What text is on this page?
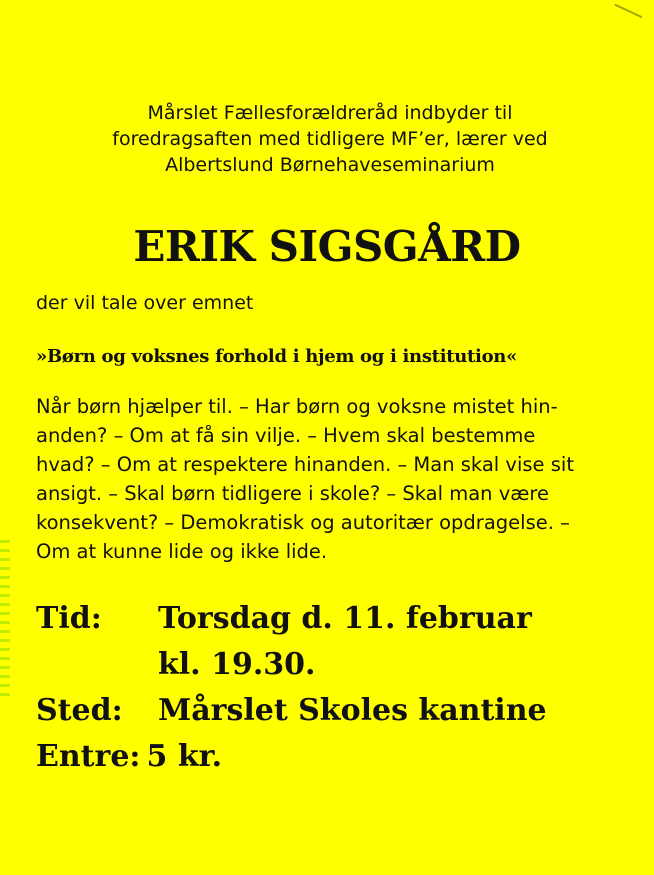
Mårslet Fællesforældreråd indbyder til
foredragsaften med tidligere MF’er, lærer ved
Albertslund Børnehaveseminarium
ERIK SIGSGÅRD
der vil tale over emnet
»Børn og voksnes forhold i hjem og i institution«
Når børn hjælper til. – Har børn og voksne mistet hin-
anden? – Om at få sin vilje. – Hvem skal bestemme
hvad? – Om at respektere hinanden. – Man skal vise sit
ansigt. – Skal børn tidligere i skole? – Skal man være
konsekvent? – Demokratisk og autoritær opdragelse. –
Om at kunne lide og ikke lide.
Tid:	Torsdag d. 11. februar
kl. 19.30.
Sted:	Mårslet Skoles kantine
Entre: 5 kr.
